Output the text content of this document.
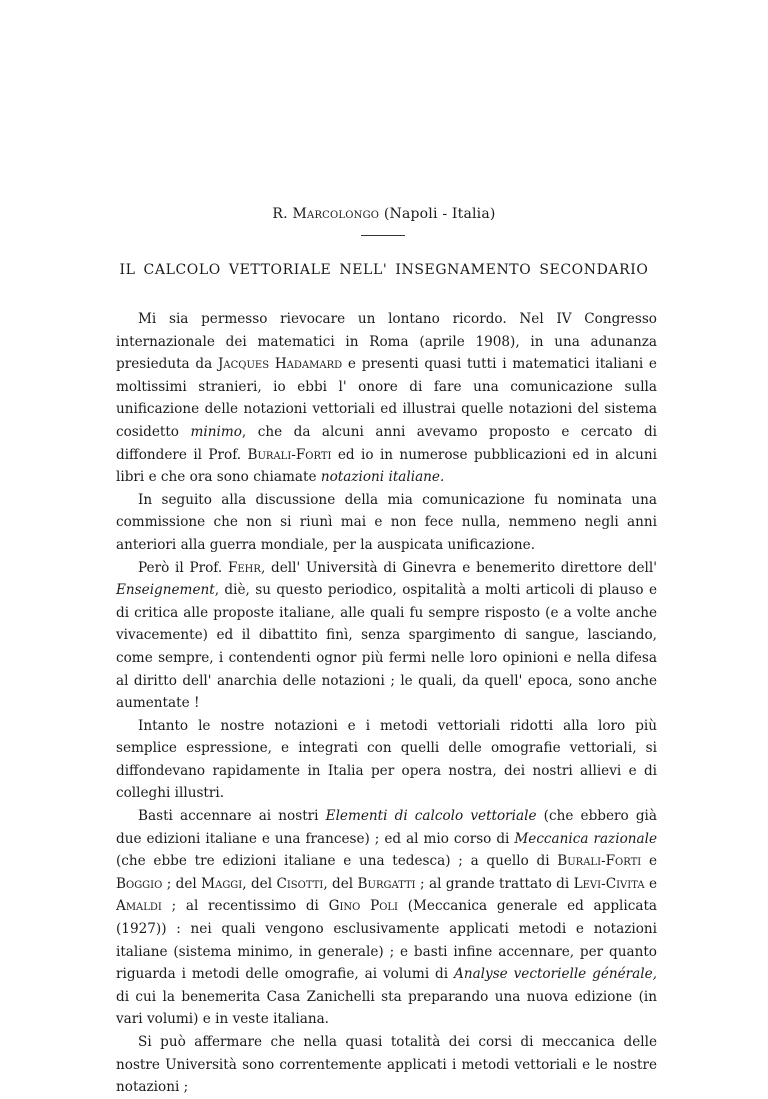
R. Marcolongo (Napoli - Italia)
IL CALCOLO VETTORIALE NELL' INSEGNAMENTO SECONDARIO

Mi sia permesso rievocare un lontano ricordo. Nel IV Congresso internazionale dei matematici in Roma (aprile 1908), in una adunanza presieduta da Jacques Hadamard e presenti quasi tutti i matematici italiani e moltissimi stranieri, io ebbi l' onore di fare una comunicazione sulla unificazione delle notazioni vettoriali ed illustrai quelle notazioni del sistema cosidetto minimo, che da alcuni anni avevamo proposto e cercato di diffondere il Prof. Burali-Forti ed io in numerose pubblicazioni ed in alcuni libri e che ora sono chiamate notazioni italiane.

In seguito alla discussione della mia comunicazione fu nominata una commissione che non si riunì mai e non fece nulla, nemmeno negli anni anteriori alla guerra mondiale, per la auspicata unificazione.

Però il Prof. Fehr, dell' Università di Ginevra e benemerito direttore dell' Enseignement, diè, su questo periodico, ospitalità a molti articoli di plauso e di critica alle proposte italiane, alle quali fu sempre risposto (e a volte anche vivacemente) ed il dibattito finì, senza spargimento di sangue, lasciando, come sempre, i contendenti ognor più fermi nelle loro opinioni e nella difesa al diritto dell' anarchia delle notazioni ; le quali, da quell' epoca, sono anche aumentate !

Intanto le nostre notazioni e i metodi vettoriali ridotti alla loro più semplice espressione, e integrati con quelli delle omografie vettoriali, si diffondevano rapidamente in Italia per opera nostra, dei nostri allievi e di colleghi illustri.

Basti accennare ai nostri Elementi di calcolo vettoriale (che ebbero già due edizioni italiane e una francese) ; ed al mio corso di Meccanica razionale (che ebbe tre edizioni italiane e una tedesca) ; a quello di Burali-Forti e Boggio ; del Maggi, del Cisotti, del Burgatti ; al grande trattato di Levi-Civita e Amaldi ; al recentissimo di Gino Poli (Meccanica generale ed applicata (1927)) : nei quali vengono esclusivamente applicati metodi e notazioni italiane (sistema minimo, in generale) ; e basti infine accennare, per quanto riguarda i metodi delle omografie, ai volumi di Analyse vectorielle générale, di cui la benemerita Casa Zanichelli sta preparando una nuova edizione (in vari volumi) e in veste italiana.

Si può affermare che nella quasi totalità dei corsi di meccanica delle nostre Università sono correntemente applicati i metodi vettoriali e le nostre notazioni ;
